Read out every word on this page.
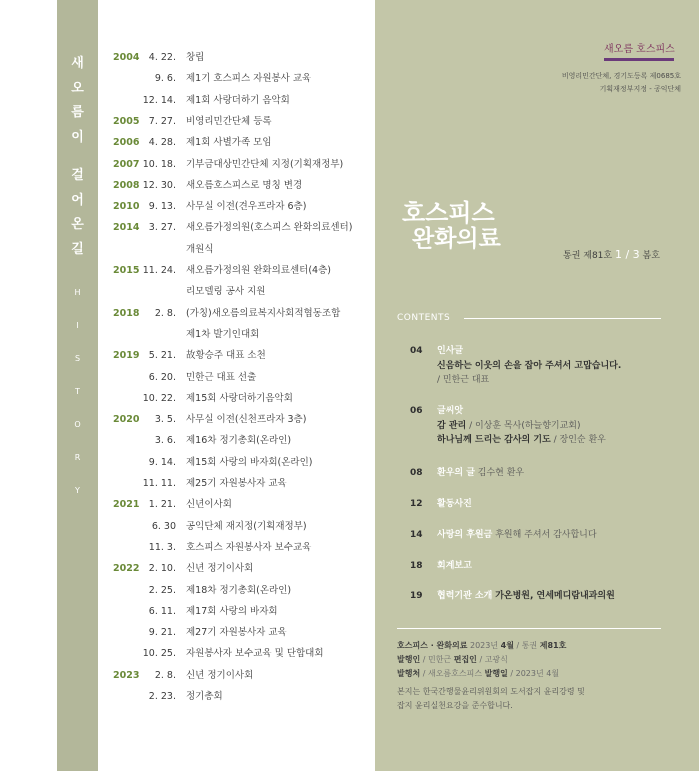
새
오
름
이
걸
어
온
길
H
I
S
T
O
R
Y
2004 4. 22. 창립
9. 6. 제1기 호스피스 자원봉사 교육
12. 14. 제1회 사랑더하기 음악회
2005 7. 27. 비영리민간단체 등록
2006 4. 28. 제1회 사별가족 모임
2007 10. 18. 기부금대상민간단체 지정(기획재정부)
2008 12. 30. 새오름호스피스로 명칭 변경
2010 9. 13. 사무실 이전(견우프라자 6층)
2014 3. 27. 새오름가정의원(호스피스 완화의료센터)
개원식
2015 11. 24. 새오름가정의원 완화의료센터(4층)
리모델링 공사 지원
2018	2. 8. (가칭)새오름의료복지사회적협동조합
제1차 발기인대회
2019 5. 21. 故황승주 대표 소천
6. 20. 민한근 대표 선출
10. 22. 제15회 사랑더하기음악회
2020	3. 5. 사무실 이전(신천프라자 3층)
3. 6. 제16차 정기총회(온라인)
9. 14. 제15회 사랑의 바자회(온라인)
11. 11. 제25기 자원봉사자 교육
2021 1. 21. 신년이사회
6. 30 공익단체 재지정(기획재정부)
11. 3. 호스피스 자원봉사자 보수교육
2022 2. 10. 신년 정기이사회
2. 25. 제18차 정기총회(온라인)
6. 11. 제17회 사랑의 바자회
9. 21. 제27기 자원봉사자 교육
10. 25. 자원봉사자 보수교육 및 단합대회
2023	2. 8. 신년 정기이사회
2. 23. 정기총회
새오름 호스피스
비영리민간단체, 경기도등록 제0685호
기획재정부지정 - 공익단체
호스피스
완화의료
통권 제81호 1 / 3 봄호
CONTENTS
04 인사글
신음하는 이웃의 손을 잡아 주셔서 고맙습니다.
/ 민한근 대표
06 글씨앗
감 관리 / 이상훈 목사(하늘향기교회)
하나님께 드리는 감사의 기도 / 장인순 환우
08 환우의 글 김수현 환우
12 활동사진
14 사랑의 후원금 후원해 주셔서 감사합니다
18 회계보고
19 협력기관 소개 가온병원, 연세메디람내과의원
호스피스 · 완화의료 2023년 4월 / 통권 제81호
발행인 / 민한근 편집인 / 고광식
발행처 / 새오름호스피스 발행일 / 2023년 4월
본지는 한국간행물윤리위원회의 도서잡지 윤리강령 및
잡지 윤리실천요강을 준수합니다.
